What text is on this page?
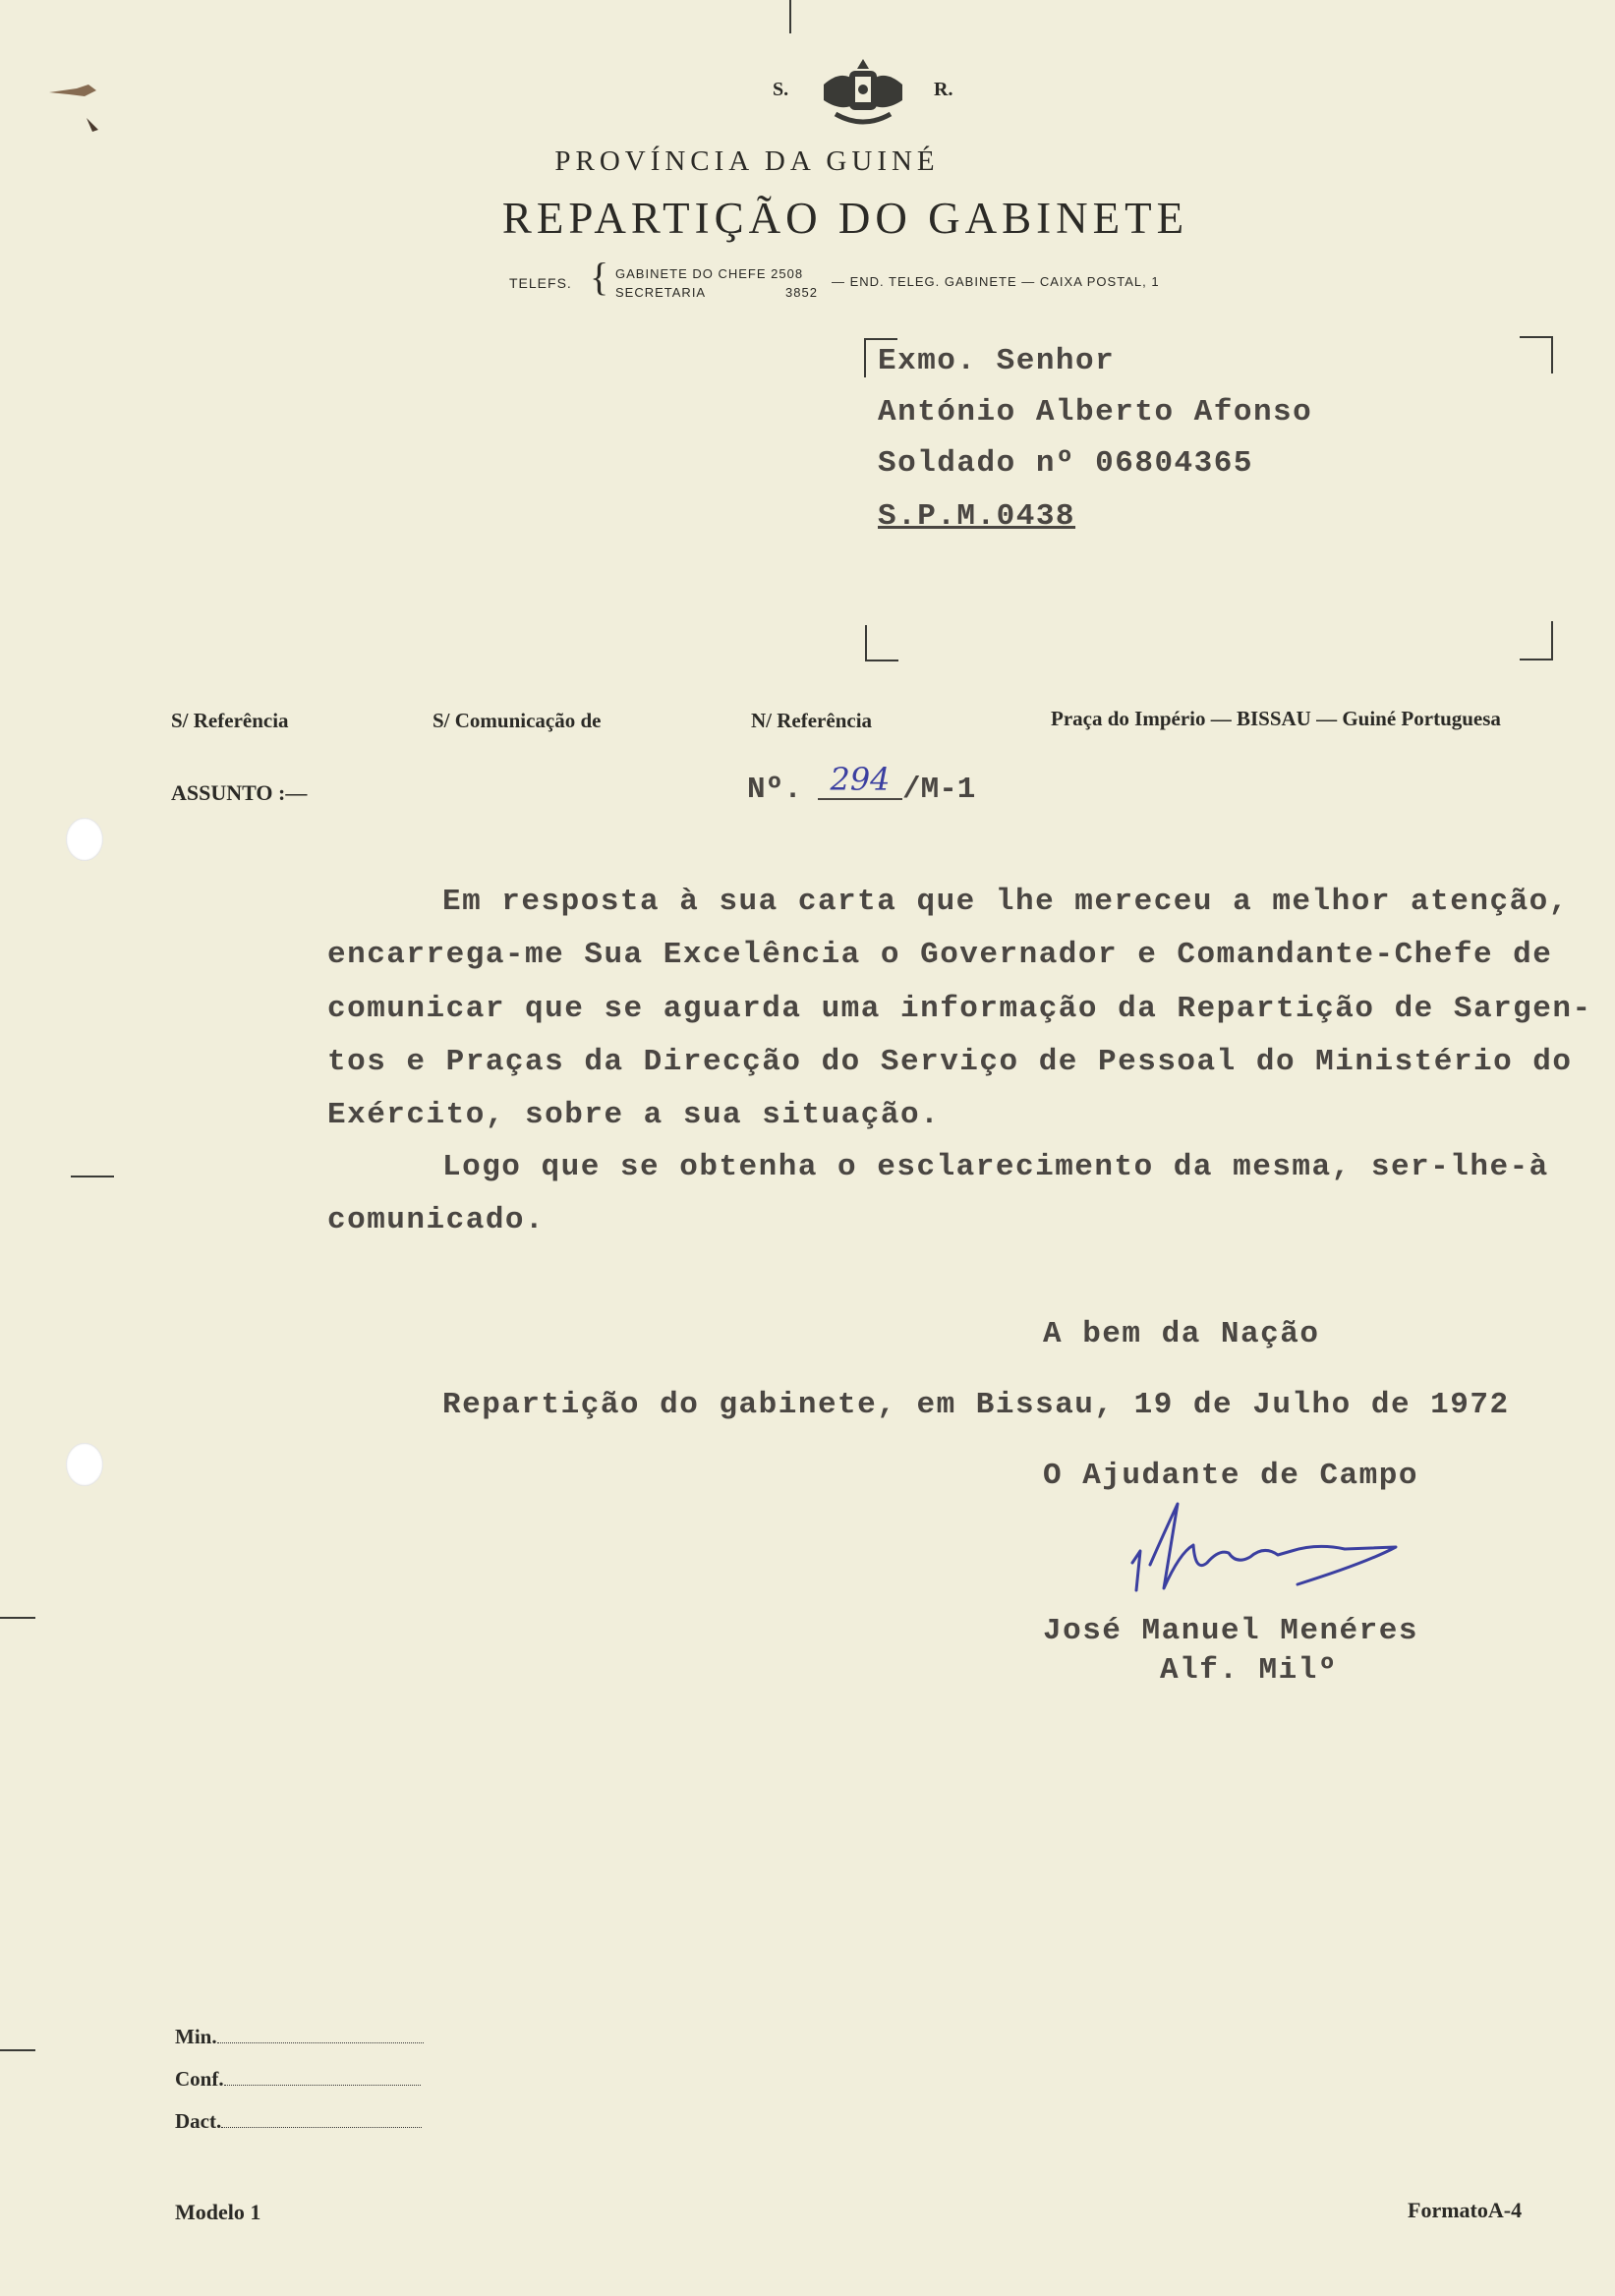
S.	R.
PROVÍNCIA DA GUINÉ
REPARTIÇÃO DO GABINETE
TELEFS. { GABINETE DO CHEFE 2508
SECRETARIA	3852
— END. TELEG. GABINETE — CAIXA POSTAL, 1
Exmo. Senhor
António Alberto Afonso
Soldado nº 06804365
S.P.M.0438
S/ Referência	S/ Comunicação de	N/ Referência	Praça do Império — BISSAU — Guiné Portuguesa
ASSUNTO :—	Nº. 294 /M-1
Em resposta à sua carta que lhe mereceu a melhor atenção,
encarrega-me Sua Excelência o Governador e Comandante-Chefe de
comunicar que se aguarda uma informação da Repartição de Sargen-
tos e Praças da Direcção do Serviço de Pessoal do Ministério do
Exército, sobre a sua situação.
Logo que se obtenha o esclarecimento da mesma, ser-lhe-à
comunicado.
A bem da Nação
Repartição do gabinete, em Bissau, 19 de Julho de 1972
O Ajudante de Campo
José Manuel Menéres
Alf. Milº
Min.
Conf.
Dact.
Modelo 1	FormatoA-4
